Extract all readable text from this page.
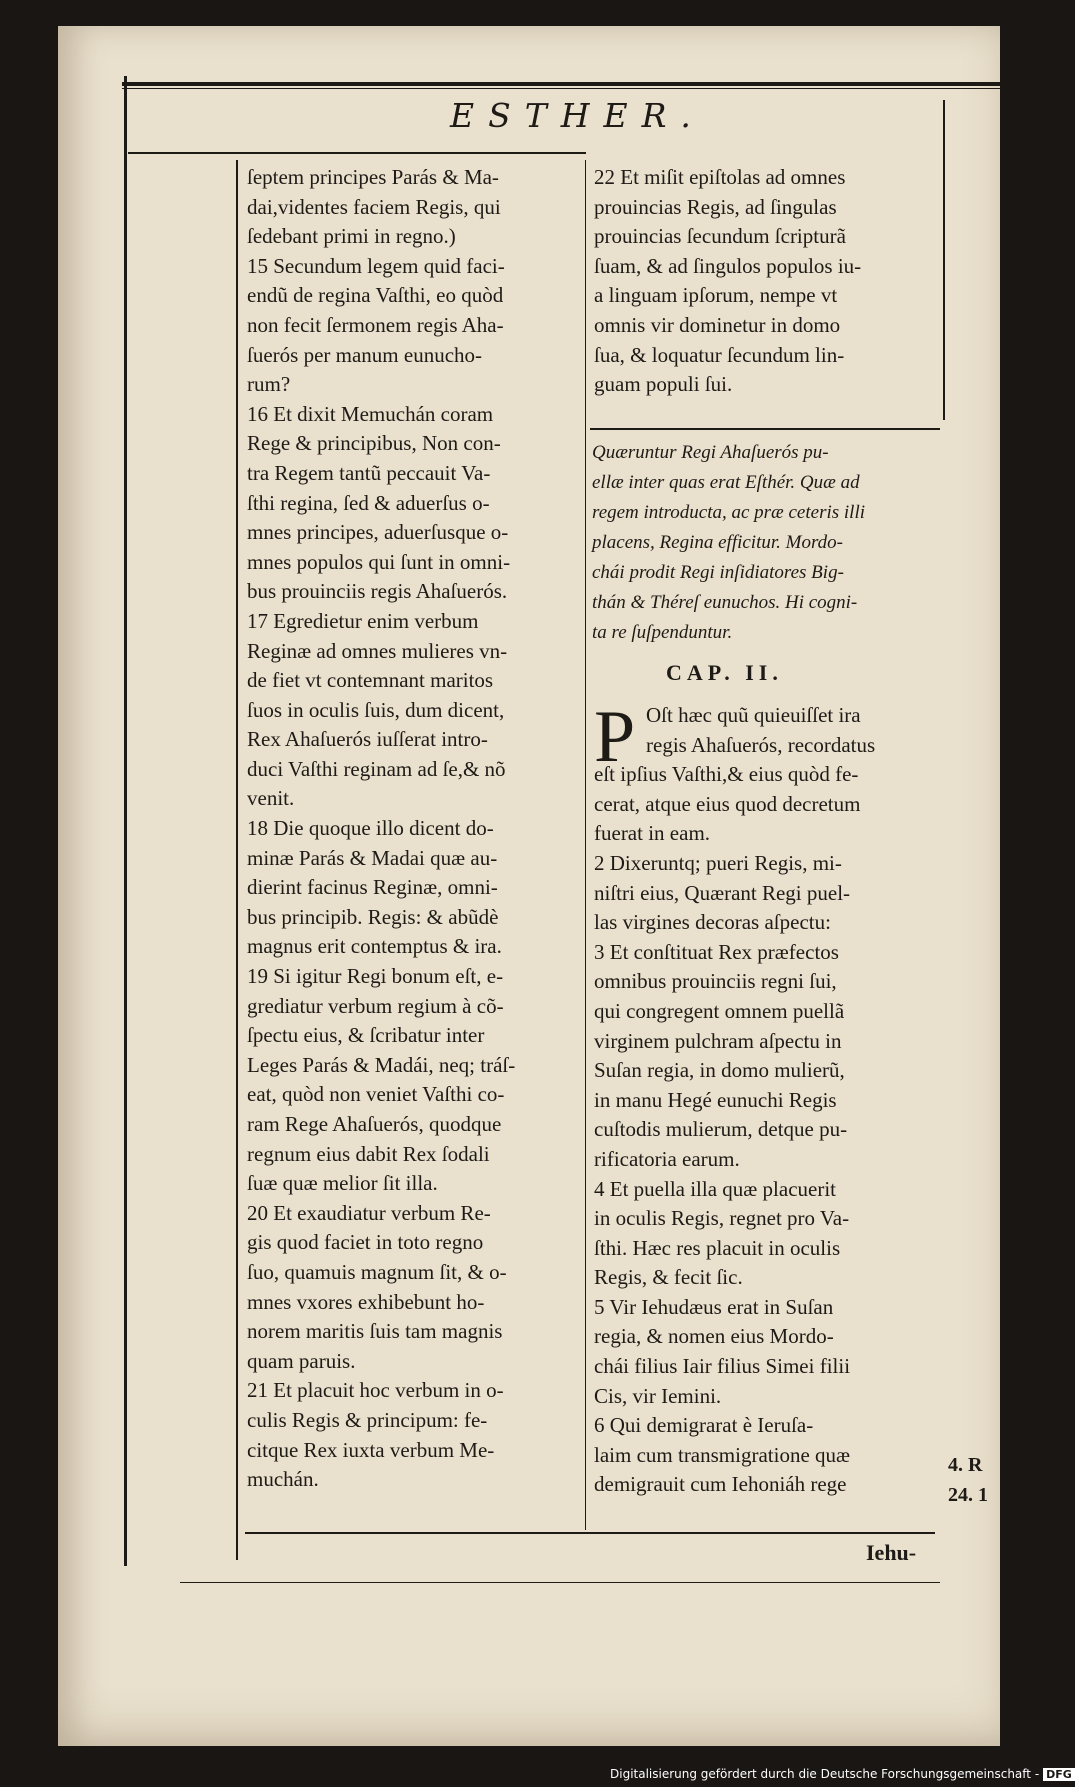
ESTHER.
ſeptem principes Parás & Ma-
dai,videntes faciem Regis, qui
ſedebant primi in regno.)
15 Secundum legem quid faci-
endũ de regina Vaſthi, eo quòd
non fecit ſermonem regis Aha-
ſuerós per manum eunucho-
rum?
16 Et dixit Memuchán coram
Rege & principibus, Non con-
tra Regem tantũ peccauit Va-
ſthi regina, ſed & aduerſus o-
mnes principes, aduerſusque o-
mnes populos qui ſunt in omni-
bus prouinciis regis Ahaſuerós.
17 Egredietur enim verbum
Reginæ ad omnes mulieres vn-
de fiet vt contemnant maritos
ſuos in oculis ſuis, dum dicent,
Rex Ahaſuerós iuſſerat intro-
duci Vaſthi reginam ad ſe,& nõ
venit.
18 Die quoque illo dicent do-
minæ Parás & Madai quæ au-
dierint facinus Reginæ, omni-
bus principib. Regis: & abũdè
magnus erit contemptus & ira.
19 Si igitur Regi bonum eſt, e-
grediatur verbum regium à cõ-
ſpectu eius, & ſcribatur inter
Leges Parás & Madái, neq; tráſ-
eat, quòd non veniet Vaſthi co-
ram Rege Ahaſuerós, quodque
regnum eius dabit Rex ſodali
ſuæ quæ melior ſit illa.
20 Et exaudiatur verbum Re-
gis quod faciet in toto regno
ſuo, quamuis magnum ſit, & o-
mnes vxores exhibebunt ho-
norem maritis ſuis tam magnis
quam paruis.
21 Et placuit hoc verbum in o-
culis Regis & principum: fe-
citque Rex iuxta verbum Me-
muchán.
22 Et miſit epiſtolas ad omnes
prouincias Regis, ad ſingulas
prouincias ſecundum ſcripturã
ſuam, & ad ſingulos populos iu-
a linguam ipſorum, nempe vt
omnis vir dominetur in domo
ſua, & loquatur ſecundum lin-
guam populi ſui.
Quæruntur Regi Ahaſuerós pu-
ellæ inter quas erat Eſthér. Quæ ad
regem introducta, ac præ ceteris illi
placens, Regina efficitur. Mordo-
chái prodit Regi inſidiatores Big-
thán & Théreſ eunuchos. Hi cogni-
ta re ſuſpenduntur.
CAP. II.
P Oſt hæc quũ quieuiſſet ira
regis Ahaſuerós, recordatus
eſt ipſius Vaſthi,& eius quòd fe-
cerat, atque eius quod decretum
fuerat in eam.
2 Dixeruntq; pueri Regis, mi-
niſtri eius, Quærant Regi puel-
las virgines decoras aſpectu:
3 Et conſtituat Rex præfectos
omnibus prouinciis regni ſui,
qui congregent omnem puellã
virginem pulchram aſpectu in
Suſan regia, in domo mulierũ,
in manu Hegé eunuchi Regis
cuſtodis mulierum, detque pu-
rificatoria earum.
4 Et puella illa quæ placuerit
in oculis Regis, regnet pro Va-
ſthi. Hæc res placuit in oculis
Regis, & fecit ſic.
5 Vir Iehudæus erat in Suſan
regia, & nomen eius Mordo-
chái filius Iair filius Simei filii
Cis, vir Iemini.
6 Qui demigrarat è Ieruſa-
laim cum transmigratione quæ
demigrauit cum Iehoniáh rege
4. R
24. 1
Iehu-
Digitalisierung gefördert durch die Deutsche Forschungsgemeinschaft - DFG
